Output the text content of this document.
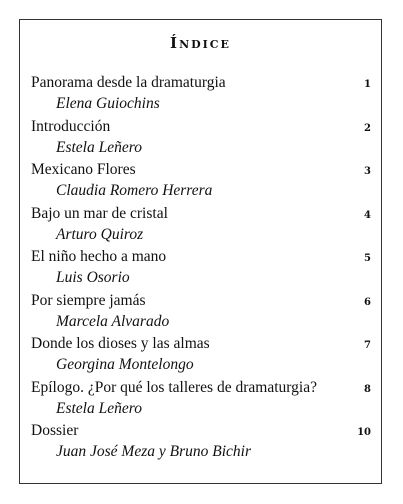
Índice
Panorama desde la dramaturgia	1
Elena Guiochins
Introducción	2
Estela Leñero
Mexicano Flores	3
Claudia Romero Herrera
Bajo un mar de cristal	4
Arturo Quiroz
El niño hecho a mano	5
Luis Osorio
Por siempre jamás	6
Marcela Alvarado
Donde los dioses y las almas	7
Georgina Montelongo
Epílogo. ¿Por qué los talleres de dramaturgia?	8
Estela Leñero
Dossier	10
Juan José Meza y Bruno Bichir
